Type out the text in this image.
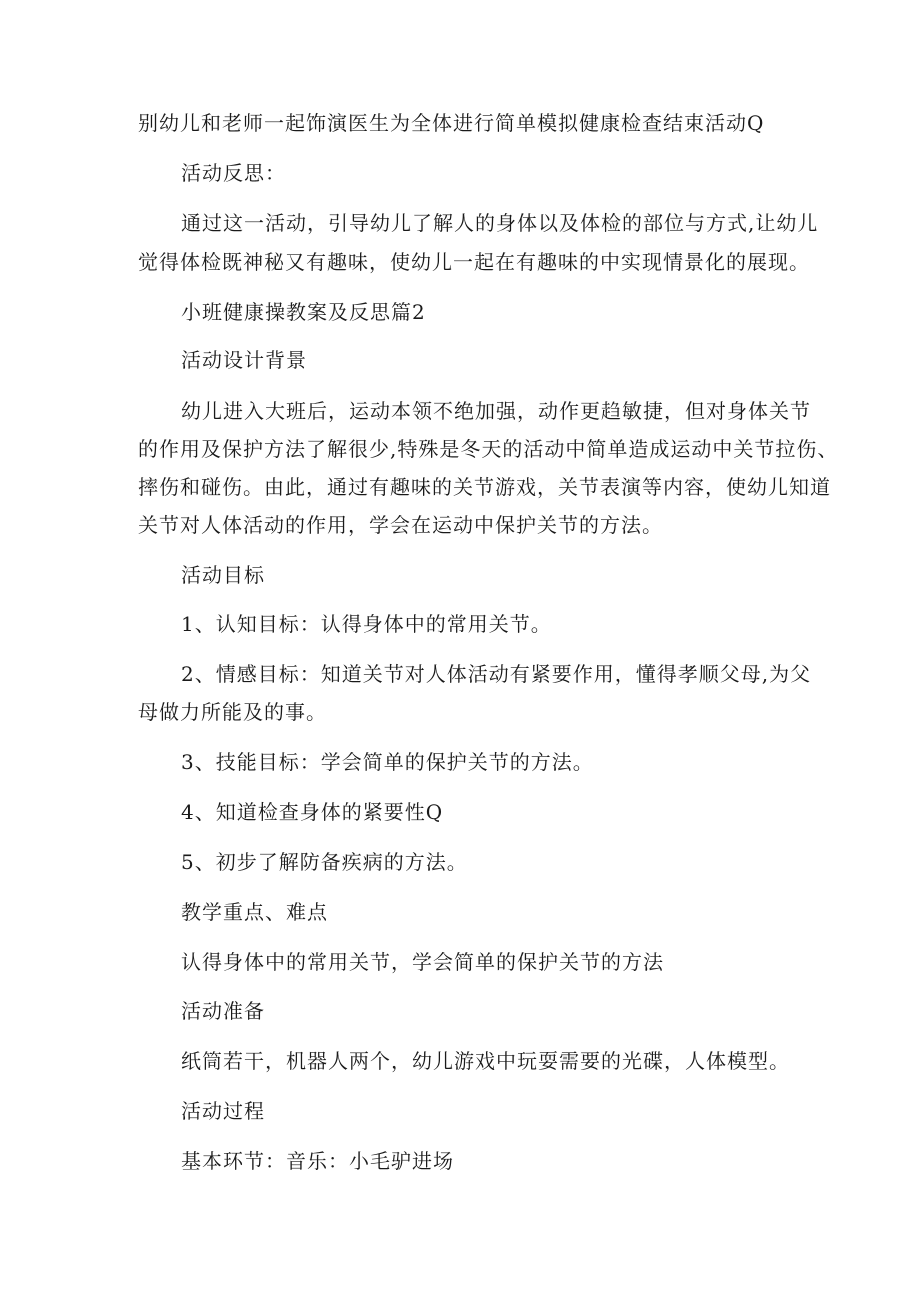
别幼儿和老师一起饰演医生为全体进行简单模拟健康检查结束活动Q
活动反思：
通过这一活动，引导幼儿了解人的身体以及体检的部位与方式,让幼儿
觉得体检既神秘又有趣味，使幼儿一起在有趣味的中实现情景化的展现。
小班健康操教案及反思篇2
活动设计背景
幼儿进入大班后，运动本领不绝加强，动作更趋敏捷，但对身体关节
的作用及保护方法了解很少,特殊是冬天的活动中简单造成运动中关节拉伤、
摔伤和碰伤。由此，通过有趣味的关节游戏，关节表演等内容，使幼儿知道
关节对人体活动的作用，学会在运动中保护关节的方法。
活动目标
1、认知目标：认得身体中的常用关节。
2、情感目标：知道关节对人体活动有紧要作用，懂得孝顺父母,为父
母做力所能及的事。
3、技能目标：学会简单的保护关节的方法。
4、知道检查身体的紧要性Q
5、初步了解防备疾病的方法。
教学重点、难点
认得身体中的常用关节，学会简单的保护关节的方法
活动准备
纸筒若干，机器人两个，幼儿游戏中玩耍需要的光碟，人体模型。
活动过程
基本环节：音乐：小毛驴进场
